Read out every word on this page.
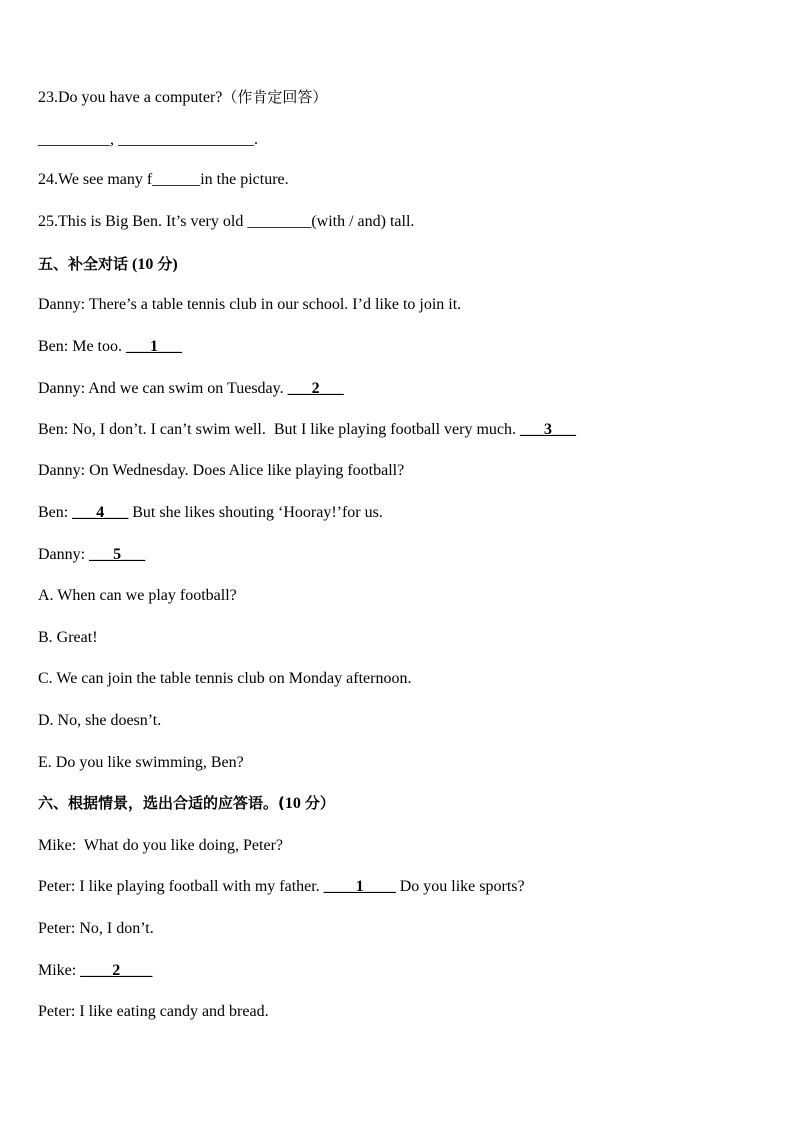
23.Do you have a computer?（作肯定回答）

_________, _________________.

24.We see many f______in the picture.

25.This is Big Ben. It’s very old ________(with / and) tall.

五、补全对话 (10 分)

Danny: There’s a table tennis club in our school. I’d like to join it.

Ben: Me too. ___1___

Danny: And we can swim on Tuesday. ___2___

Ben: No, I don’t. I can’t swim well.  But I like playing football very much. ___3___

Danny: On Wednesday. Does Alice like playing football?

Ben: ___4___ But she likes shouting ‘Hooray!’for us.

Danny: ___5___

A. When can we play football?

B. Great!

C. We can join the table tennis club on Monday afternoon.

D. No, she doesn’t.

E. Do you like swimming, Ben?

六、根据情景，选出合适的应答语。(10 分）

Mike:  What do you like doing, Peter?

Peter: I like playing football with my father. ____1____ Do you like sports?

Peter: No, I don’t.

Mike: ____2____

Peter: I like eating candy and bread.
